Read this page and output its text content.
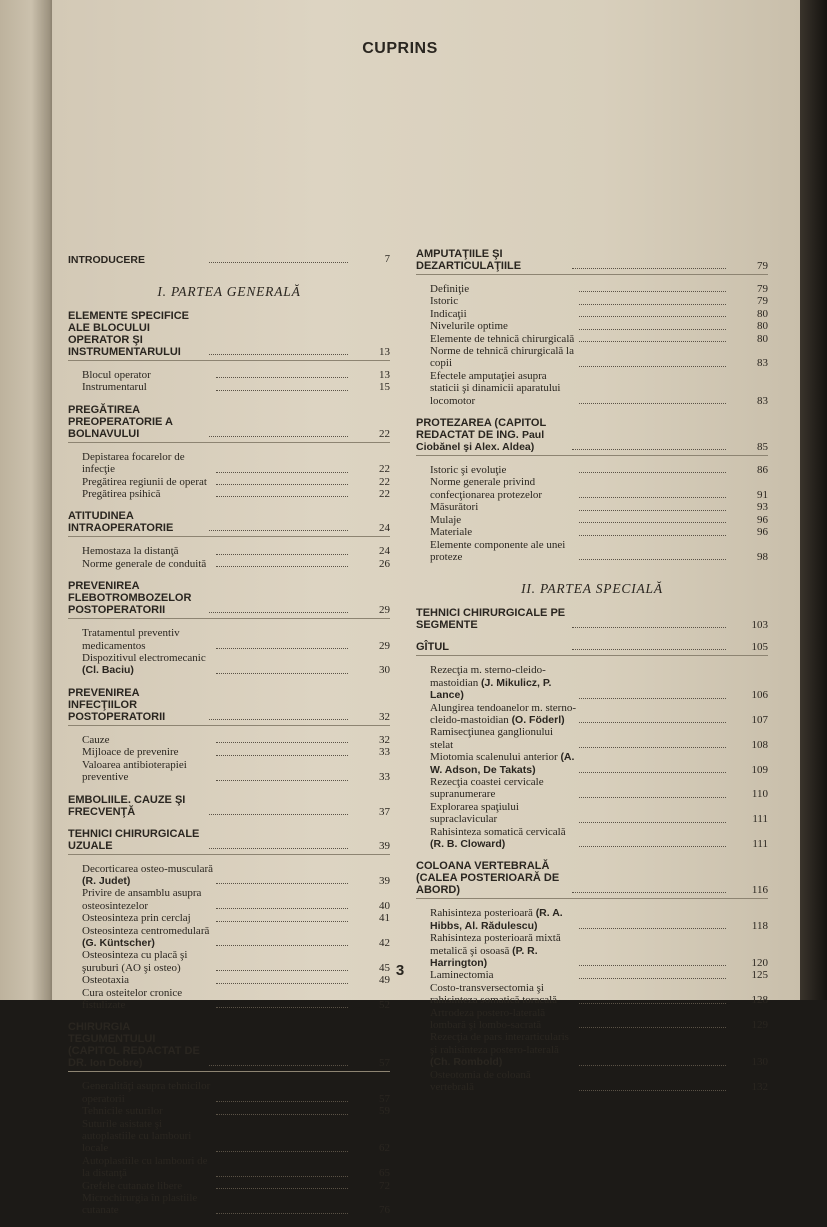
CUPRINS
INTRODUCERE	7
I. PARTEA GENERALĂ
ELEMENTE SPECIFICE ALE BLOCULUI OPERATOR ŞI INSTRUMENTARULUI	13
Blocul operator	13
Instrumentarul	15
PREGĂTIREA PREOPERATORIE A BOLNAVULUI	22
Depistarea focarelor de infecţie	22
Pregătirea regiunii de operat	22
Pregătirea psihică	22
ATITUDINEA INTRAOPERATORIE	24
Hemostaza la distanţă	24
Norme generale de conduită	26
PREVENIREA FLEBOTROMBOZELOR POSTOPERATORII	29
Tratamentul preventiv medicamentos	29
Dispozitivul electromecanic (Cl. Baciu)	30
PREVENIREA INFECŢIILOR POSTOPERATORII	32
Cauze	32
Mijloace de prevenire	33
Valoarea antibioterapiei preventive	33
EMBOLIILE. CAUZE ŞI FRECVENŢĂ	37
TEHNICI CHIRURGICALE UZUALE	39
Decorticarea osteo-musculară (R. Judet)	39
Privire de ansamblu asupra osteosintezelor	40
Osteosinteza prin cerclaj	41
Osteosinteza centromedulară (G. Küntscher)	42
Osteosinteza cu placă şi şuruburi (AO şi osteo)	45
Osteotaxia	49
Cura osteitelor cronice fistulizate	52
CHIRURGIA TEGUMENTULUI (CAPITOL REDACTAT DE DR. Ion Dobre)	57
Generalităţi asupra tehnicilor operatorii	57
Tehnicile suturilor	59
Suturile asistate şi autoplastiile cu lambouri locale	62
Autoplastiile cu lambouri de la distanţă	65
Grefele cutanate libere	72
Microchirurgia în plastiile cutanate	76
AMPUTAŢIILE ŞI DEZARTICULAŢIILE	79
Definiţie	79
Istoric	79
Indicaţii	80
Nivelurile optime	80
Elemente de tehnică chirurgicală	80
Norme de tehnică chirurgicală la copii	83
Efectele amputaţiei asupra staticii şi dinamicii aparatului locomotor	83
PROTEZAREA (CAPITOL REDACTAT DE ING. Paul Ciobănel şi Alex. Aldea)	85
Istoric şi evoluţie	86
Norme generale privind confecţionarea protezelor	91
Măsurători	93
Mulaje	96
Materiale	96
Elemente componente ale unei proteze	98
II. PARTEA SPECIALĂ
TEHNICI CHIRURGICALE PE SEGMENTE	103
GÎTUL	105
Rezecţia m. sterno-cleido-mastoidian (J. Mikulicz, P. Lance)	106
Alungirea tendoanelor m. sterno-cleido-mastoidian (O. Föderl)	107
Ramisecţiunea ganglionului stelat	108
Miotomia scalenului anterior (A. W. Adson, De Takats)	109
Rezecţia coastei cervicale supranumerare	110
Explorarea spaţiului supraclavicular	111
Rahisinteza somatică cervicală (R. B. Cloward)	111
COLOANA VERTEBRALĂ (CALEA POSTERIOARĂ DE ABORD)	116
Rahisinteza posterioară (R. A. Hibbs, Al. Rădulescu)	118
Rahisinteza posterioară mixtă metalică şi osoasă (P. R. Harrington)	120
Laminectomia	125
Costo-transversectomia şi rahisinteza somatică toracală	128
Artrodeza postero-laterală lombară şi lombo-sacrată	129
Rezecţia de pars interarticularis şi rahisinteza postero-laterală (Ch. Rombold)	130
Osteotomia de coloană vertebrală	132
3
